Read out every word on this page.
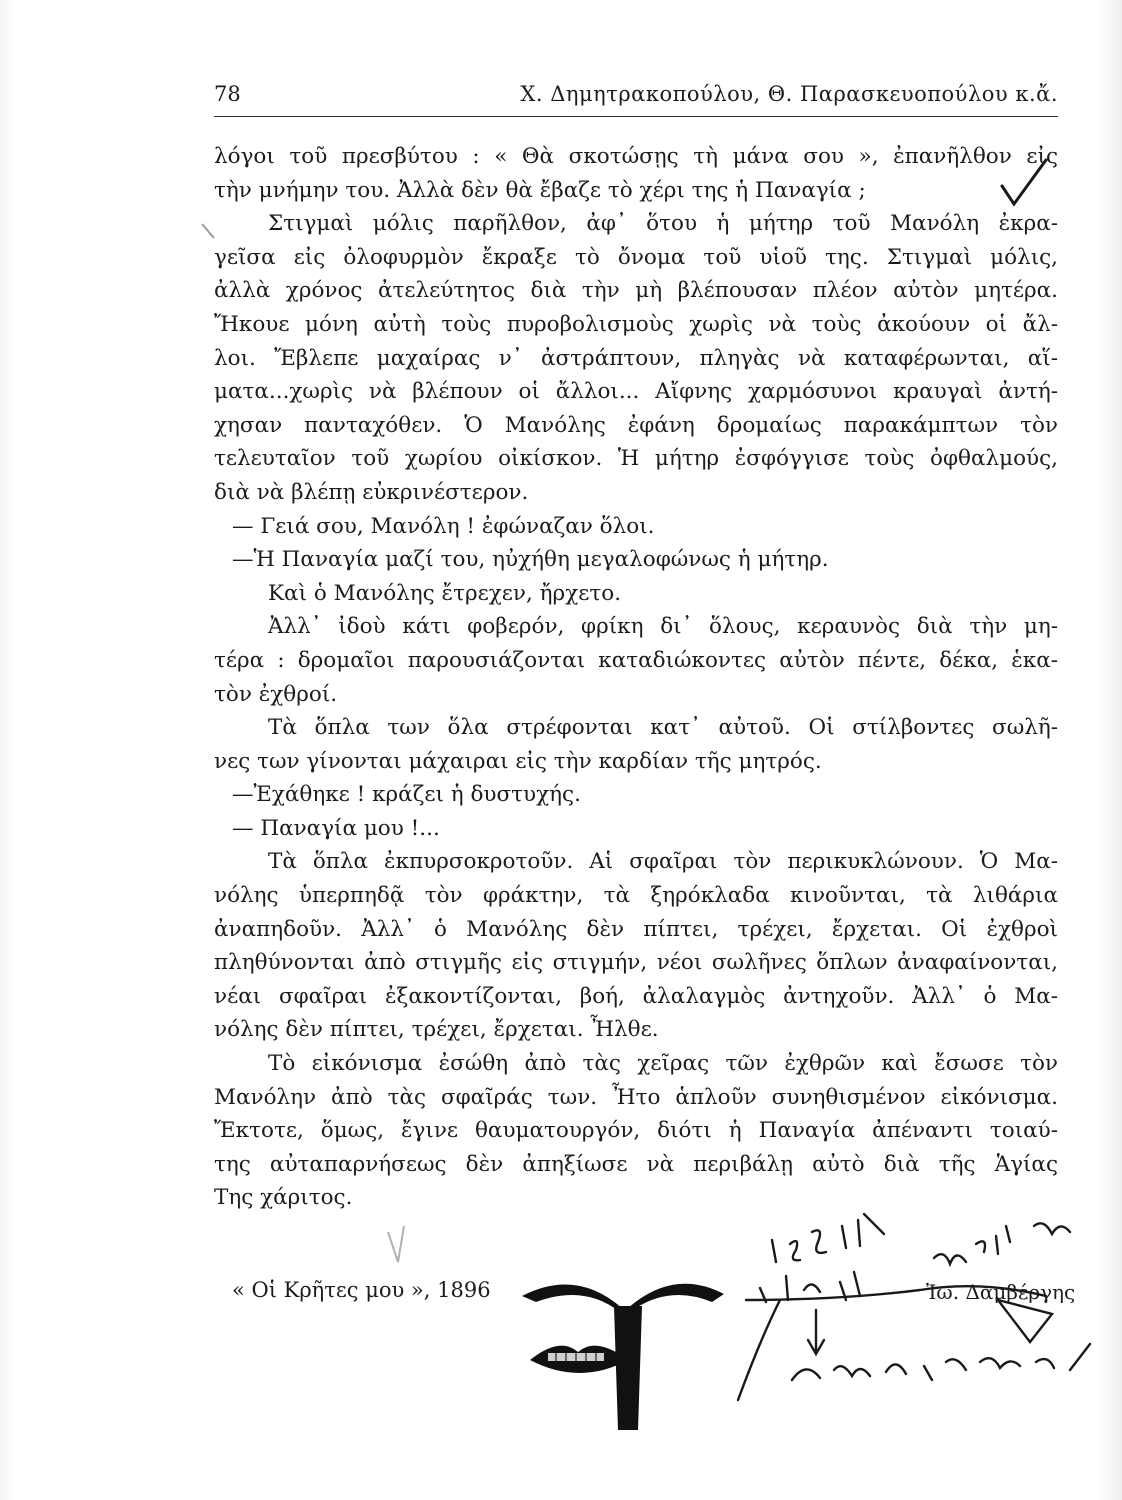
78	Χ. Δημητρακοπούλου, Θ. Παρασκευοπούλου κ.ἄ.
λόγοι τοῦ πρεσβύτου : « Θὰ σκοτώσῃς τὴ μάνα σου », ἐπανῆλθον εἰς
τὴν μνήμην του. Ἀλλὰ δὲν θὰ ἔβαζε τὸ χέρι της ἡ Παναγία ;
Στιγμαὶ μόλις παρῆλθον, ἀφ᾽ ὅτου ἡ μήτηρ τοῦ Μανόλη ἐκρα-
γεῖσα εἰς ὀλοφυρμὸν ἔκραξε τὸ ὄνομα τοῦ υἱοῦ της. Στιγμαὶ μόλις,
ἀλλὰ χρόνος ἀτελεύτητος διὰ τὴν μὴ βλέπουσαν πλέον αὐτὸν μητέρα.
Ἤκουε μόνη αὐτὴ τοὺς πυροβολισμοὺς χωρὶς νὰ τοὺς ἀκούουν οἱ ἄλ-
λοι. Ἔβλεπε μαχαίρας ν᾽ ἀστράπτουν, πληγὰς νὰ καταφέρωνται, αἵ-
ματα...χωρὶς νὰ βλέπουν οἱ ἄλλοι... Αἴφνης χαρμόσυνοι κραυγαὶ ἀντή-
χησαν πανταχόθεν. Ὁ Μανόλης ἐφάνη δρομαίως παρακάμπτων τὸν
τελευταῖον τοῦ χωρίου οἰκίσκον. Ἡ μήτηρ ἐσφόγγισε τοὺς ὀφθαλμούς,
διὰ νὰ βλέπῃ εὐκρινέστερον.
— Γειά σου, Μανόλη ! ἐφώναζαν ὅλοι.
—Ἡ Παναγία μαζί του, ηὐχήθη μεγαλοφώνως ἡ μήτηρ.
Καὶ ὁ Μανόλης ἔτρεχεν, ἤρχετο.
Ἀλλ᾽ ἰδοὺ κάτι φοβερόν, φρίκη δι᾽ ὅλους, κεραυνὸς διὰ τὴν μη-
τέρα : δρομαῖοι παρουσιάζονται καταδιώκοντες αὐτὸν πέντε, δέκα, ἑκα-
τὸν ἐχθροί.
Τὰ ὅπλα των ὅλα στρέφονται κατ᾽ αὐτοῦ. Οἱ στίλβοντες σωλῆ-
νες των γίνονται μάχαιραι εἰς τὴν καρδίαν τῆς μητρός.
—Ἐχάθηκε ! κράζει ἡ δυστυχής.
— Παναγία μου !...
Τὰ ὅπλα ἐκπυρσοκροτοῦν. Αἱ σφαῖραι τὸν περικυκλώνουν. Ὁ Μα-
νόλης ὑπερπηδᾷ τὸν φράκτην, τὰ ξηρόκλαδα κινοῦνται, τὰ λιθάρια
ἀναπηδοῦν. Ἀλλ᾽ ὁ Μανόλης δὲν πίπτει, τρέχει, ἔρχεται. Οἱ ἐχθροὶ
πληθύνονται ἀπὸ στιγμῆς εἰς στιγμήν, νέοι σωλῆνες ὅπλων ἀναφαίνονται,
νέαι σφαῖραι ἐξακοντίζονται, βοή, ἀλαλαγμὸς ἀντηχοῦν. Ἀλλ᾽ ὁ Μα-
νόλης δὲν πίπτει, τρέχει, ἔρχεται. Ἦλθε.
Τὸ εἰκόνισμα ἐσώθη ἀπὸ τὰς χεῖρας τῶν ἐχθρῶν καὶ ἔσωσε τὸν
Μανόλην ἀπὸ τὰς σφαῖράς των. Ἦτο ἁπλοῦν συνηθισμένον εἰκόνισμα.
Ἔκτοτε, ὅμως, ἔγινε θαυματουργόν, διότι ἡ Παναγία ἀπέναντι τοιαύ-
της αὐταπαρνήσεως δὲν ἀπηξίωσε νὰ περιβάλῃ αὐτὸ διὰ τῆς Ἁγίας
Της χάριτος.
« Οἱ Κρῆτες μου », 1896	Ἰω. Δαμβέργης
